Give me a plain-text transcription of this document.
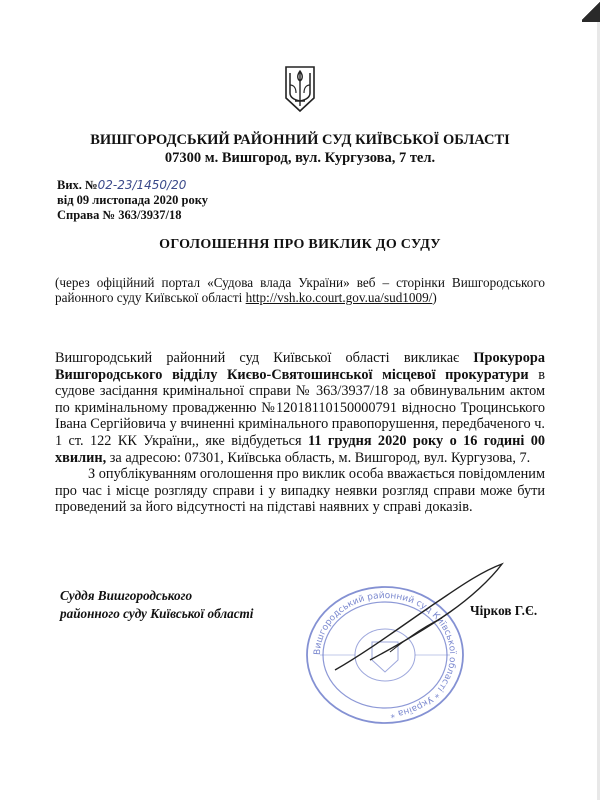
ВИШГОРОДСЬКИЙ РАЙОННИЙ СУД КИЇВСЬКОЇ ОБЛАСТІ
07300 м. Вишгород, вул. Кургузова, 7 тел.
Вих. №02-23/1450/20
від 09 листопада 2020 року
Справа № 363/3937/18
ОГОЛОШЕННЯ ПРО ВИКЛИК ДО СУДУ
(через офіційний портал «Судова влада України» веб – сторінки Вишгородського районного суду Київської області http://vsh.ko.court.gov.ua/sud1009/)

Вишгородський районний суд Київської області викликає Прокурора Вишгородського відділу Києво-Святошинської місцевої прокуратури в судове засідання кримінальної справи № 363/3937/18 за обвинувальним актом по кримінальному провадженню №12018110150000791 відносно Троцинського Івана Сергійовича у вчиненні кримінального правопорушення, передбаченого ч. 1 ст. 122 КК України,, яке відбудеться 11 грудня 2020 року о 16 годині 00 хвилин, за адресою: 07301, Київська область, м. Вишгород, вул. Кургузова, 7.

З опублікуванням оголошення про виклик особа вважається повідомленим про час і місце розгляду справи і у випадку неявки розгляд справи може бути проведений за його відсутності на підставі наявних у справі доказів.

Суддя Вишгородського
районного суду Київської області
Вишгородський районний суд Київської області * Україна *
Чірков Г.Є.
